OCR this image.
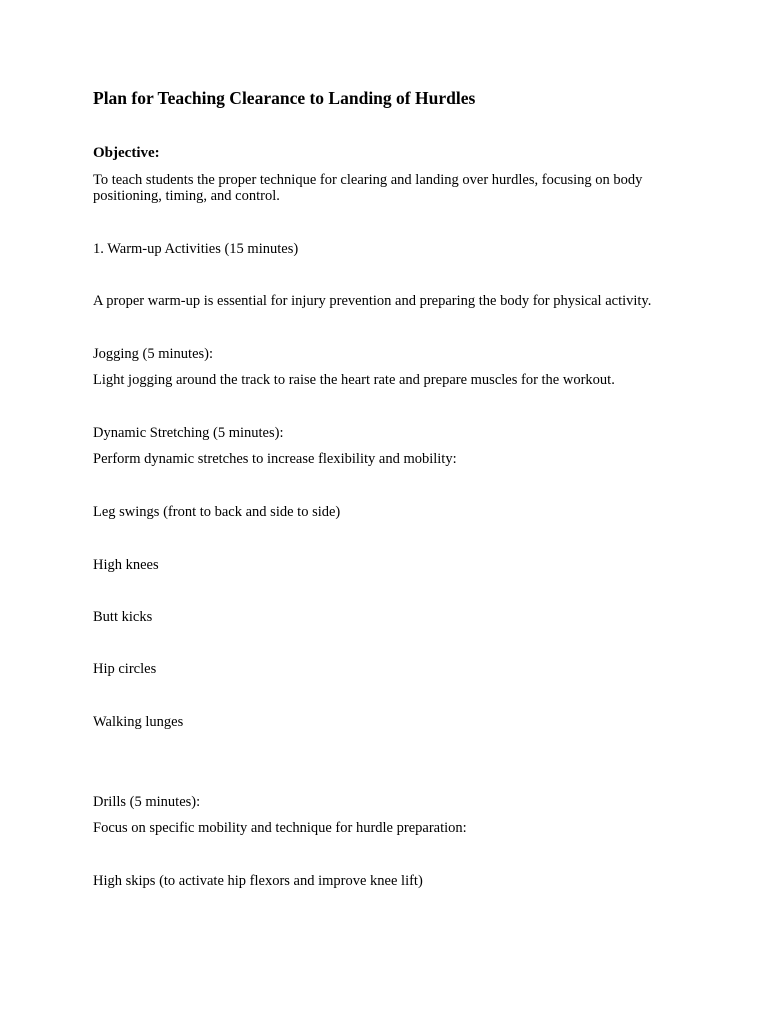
Plan for Teaching Clearance to Landing of Hurdles
Objective:
To teach students the proper technique for clearing and landing over hurdles, focusing on body positioning, timing, and control.
1. Warm-up Activities (15 minutes)
A proper warm-up is essential for injury prevention and preparing the body for physical activity.
Jogging (5 minutes):
Light jogging around the track to raise the heart rate and prepare muscles for the workout.
Dynamic Stretching (5 minutes):
Perform dynamic stretches to increase flexibility and mobility:
Leg swings (front to back and side to side)
High knees
Butt kicks
Hip circles
Walking lunges
Drills (5 minutes):
Focus on specific mobility and technique for hurdle preparation:
High skips (to activate hip flexors and improve knee lift)
